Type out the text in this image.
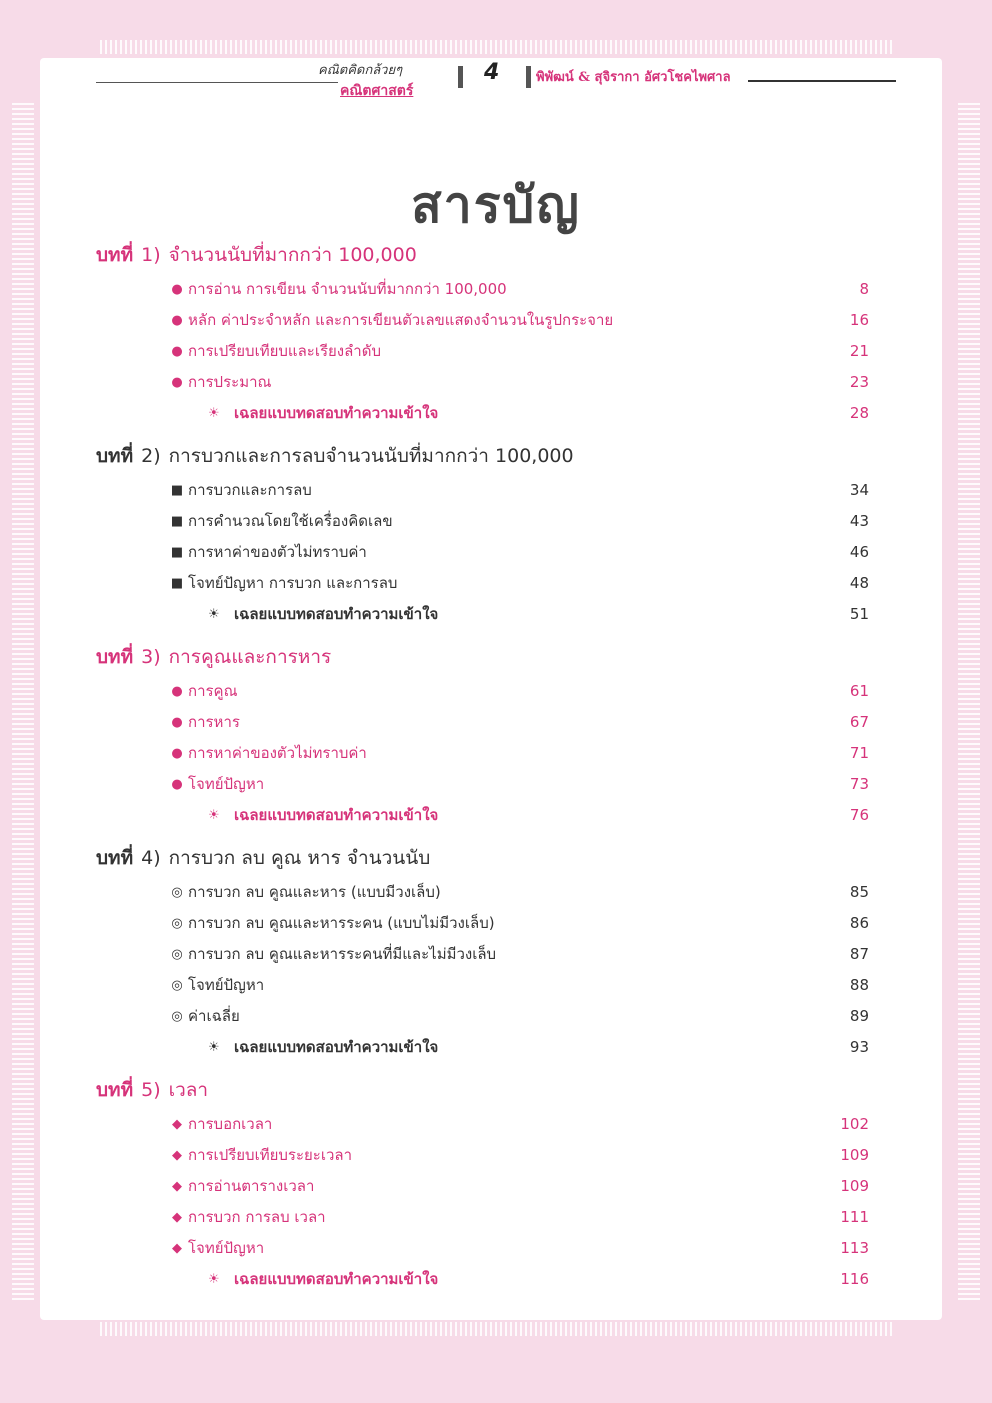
คณิตคิดกล้วยๆ
คณิตศาสตร์
4	พิพัฒน์ & สุจิรากา อัศวโชคไพศาล
สารบัญ
บทที่ 1) จำนวนนับที่มากกว่า 100,000
● การอ่าน การเขียน จำนวนนับที่มากกว่า 100,000	8
● หลัก ค่าประจำหลัก และการเขียนตัวเลขแสดงจำนวนในรูปกระจาย	16
● การเปรียบเทียบและเรียงลำดับ	21
● การประมาณ	23
☀ เฉลยแบบทดสอบทำความเข้าใจ	28
บทที่ 2) การบวกและการลบจำนวนนับที่มากกว่า 100,000
■ การบวกและการลบ	34
■ การคำนวณโดยใช้เครื่องคิดเลข	43
■ การหาค่าของตัวไม่ทราบค่า	46
■ โจทย์ปัญหา การบวก และการลบ	48
☀ เฉลยแบบทดสอบทำความเข้าใจ	51
บทที่ 3) การคูณและการหาร
● การคูณ	61
● การหาร	67
● การหาค่าของตัวไม่ทราบค่า	71
● โจทย์ปัญหา	73
☀ เฉลยแบบทดสอบทำความเข้าใจ	76
บทที่ 4) การบวก ลบ คูณ หาร จำนวนนับ
◎ การบวก ลบ คูณและหาร (แบบมีวงเล็บ)	85
◎ การบวก ลบ คูณและหารระคน (แบบไม่มีวงเล็บ)	86
◎ การบวก ลบ คูณและหารระคนที่มีและไม่มีวงเล็บ	87
◎ โจทย์ปัญหา	88
◎ ค่าเฉลี่ย	89
☀ เฉลยแบบทดสอบทำความเข้าใจ	93
บทที่ 5) เวลา
◆ การบอกเวลา	102
◆ การเปรียบเทียบระยะเวลา	109
◆ การอ่านตารางเวลา	109
◆ การบวก การลบ เวลา	111
◆ โจทย์ปัญหา	113
☀ เฉลยแบบทดสอบทำความเข้าใจ	116
